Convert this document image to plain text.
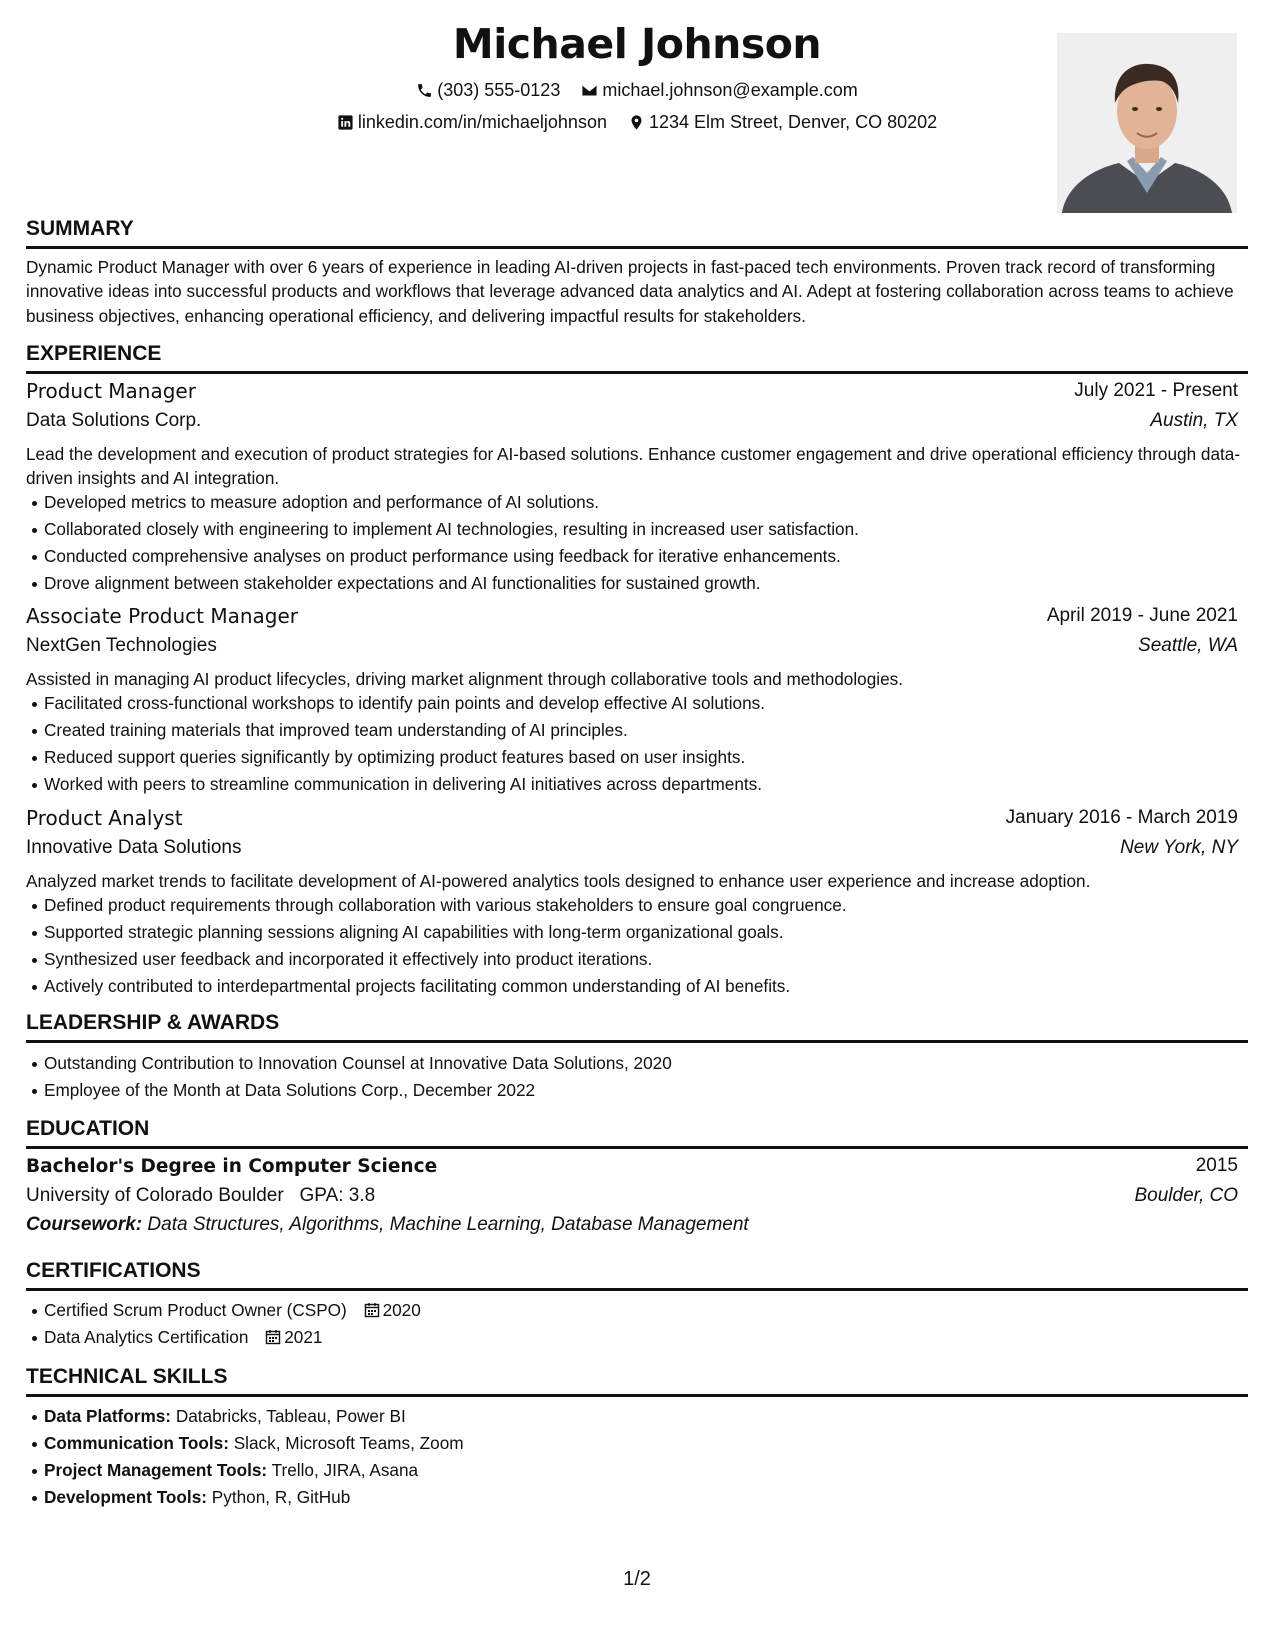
Michael Johnson
(303) 555-0123
michael.johnson@example.com
linkedin.com/in/michaeljohnson
1234 Elm Street, Denver, CO 80202
SUMMARY
Dynamic Product Manager with over 6 years of experience in leading AI-driven projects in fast-paced tech environments. Proven track record of transforming innovative ideas into successful products and workflows that leverage advanced data analytics and AI. Adept at fostering collaboration across teams to achieve business objectives, enhancing operational efficiency, and delivering impactful results for stakeholders.
EXPERIENCE
Product Manager	July 2021 - Present
Data Solutions Corp.	Austin, TX
Lead the development and execution of product strategies for AI-based solutions. Enhance customer engagement and drive operational efficiency through data-driven insights and AI integration.
Developed metrics to measure adoption and performance of AI solutions.
Collaborated closely with engineering to implement AI technologies, resulting in increased user satisfaction.
Conducted comprehensive analyses on product performance using feedback for iterative enhancements.
Drove alignment between stakeholder expectations and AI functionalities for sustained growth.
Associate Product Manager	April 2019 - June 2021
NextGen Technologies	Seattle, WA
Assisted in managing AI product lifecycles, driving market alignment through collaborative tools and methodologies.
Facilitated cross-functional workshops to identify pain points and develop effective AI solutions.
Created training materials that improved team understanding of AI principles.
Reduced support queries significantly by optimizing product features based on user insights.
Worked with peers to streamline communication in delivering AI initiatives across departments.
Product Analyst	January 2016 - March 2019
Innovative Data Solutions	New York, NY
Analyzed market trends to facilitate development of AI-powered analytics tools designed to enhance user experience and increase adoption.
Defined product requirements through collaboration with various stakeholders to ensure goal congruence.
Supported strategic planning sessions aligning AI capabilities with long-term organizational goals.
Synthesized user feedback and incorporated it effectively into product iterations.
Actively contributed to interdepartmental projects facilitating common understanding of AI benefits.
LEADERSHIP & AWARDS
Outstanding Contribution to Innovation Counsel at Innovative Data Solutions, 2020
Employee of the Month at Data Solutions Corp., December 2022
EDUCATION
Bachelor's Degree in Computer Science	2015
University of Colorado Boulder GPA: 3.8	Boulder, CO
Coursework: Data Structures, Algorithms, Machine Learning, Database Management
CERTIFICATIONS
Certified Scrum Product Owner (CSPO) 2020
Data Analytics Certification 2021
TECHNICAL SKILLS
Data Platforms: Databricks, Tableau, Power BI
Communication Tools: Slack, Microsoft Teams, Zoom
Project Management Tools: Trello, JIRA, Asana
Development Tools: Python, R, GitHub
1/2
